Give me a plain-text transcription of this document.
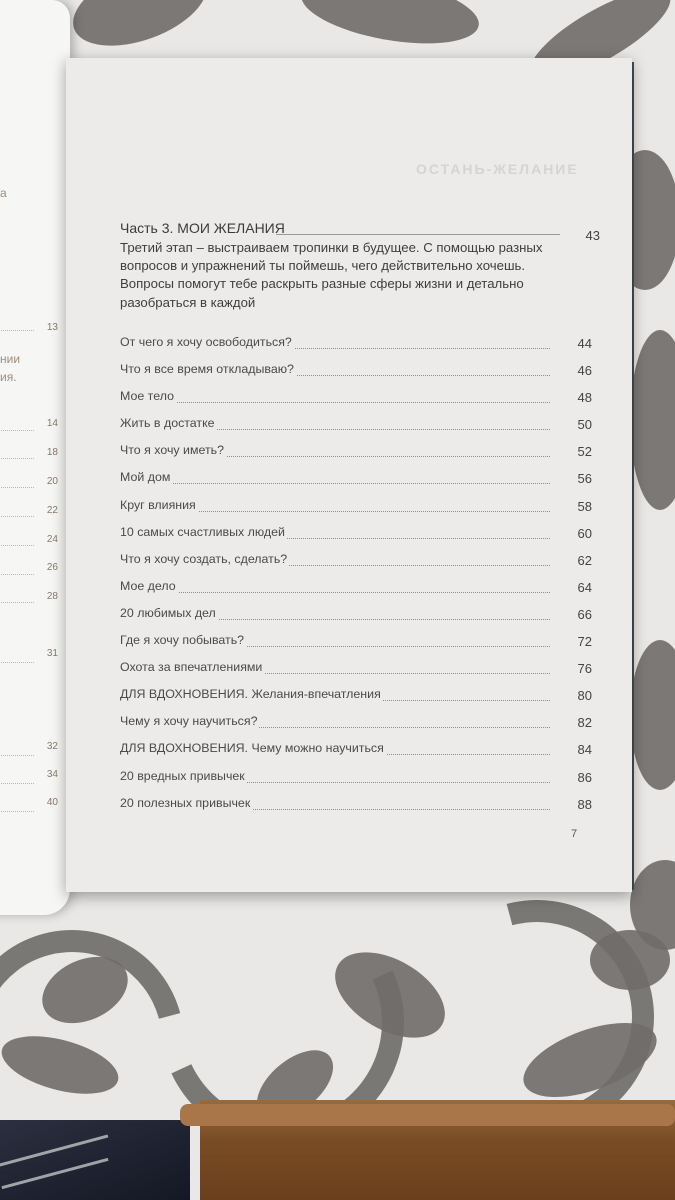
а
нии
ия.
13
14
18
20
22
24
26
28
31
32
34
40
ОСТАНЬ-ЖЕЛАНИЕ
Часть 3. МОИ ЖЕЛАНИЯ	43
Третий этап – выстраиваем тропинки в будущее. С помощью разных вопросов и упражнений ты поймешь, чего действительно хочешь. Вопросы помогут тебе раскрыть разные сферы жизни и детально разобраться в каждой
От чего я хочу освободиться?	44
Что я все время откладываю?	46
Мое тело	48
Жить в достатке	50
Что я хочу иметь?	52
Мой дом	56
Круг влияния	58
10 самых счастливых людей	60
Что я хочу создать, сделать?	62
Мое дело	64
20 любимых дел	66
Где я хочу побывать?	72
Охота за впечатлениями	76
ДЛЯ ВДОХНОВЕНИЯ. Желания-впечатления	80
Чему я хочу научиться?	82
ДЛЯ ВДОХНОВЕНИЯ. Чему можно научиться	84
20 вредных привычек	86
20 полезных привычек	88
7
